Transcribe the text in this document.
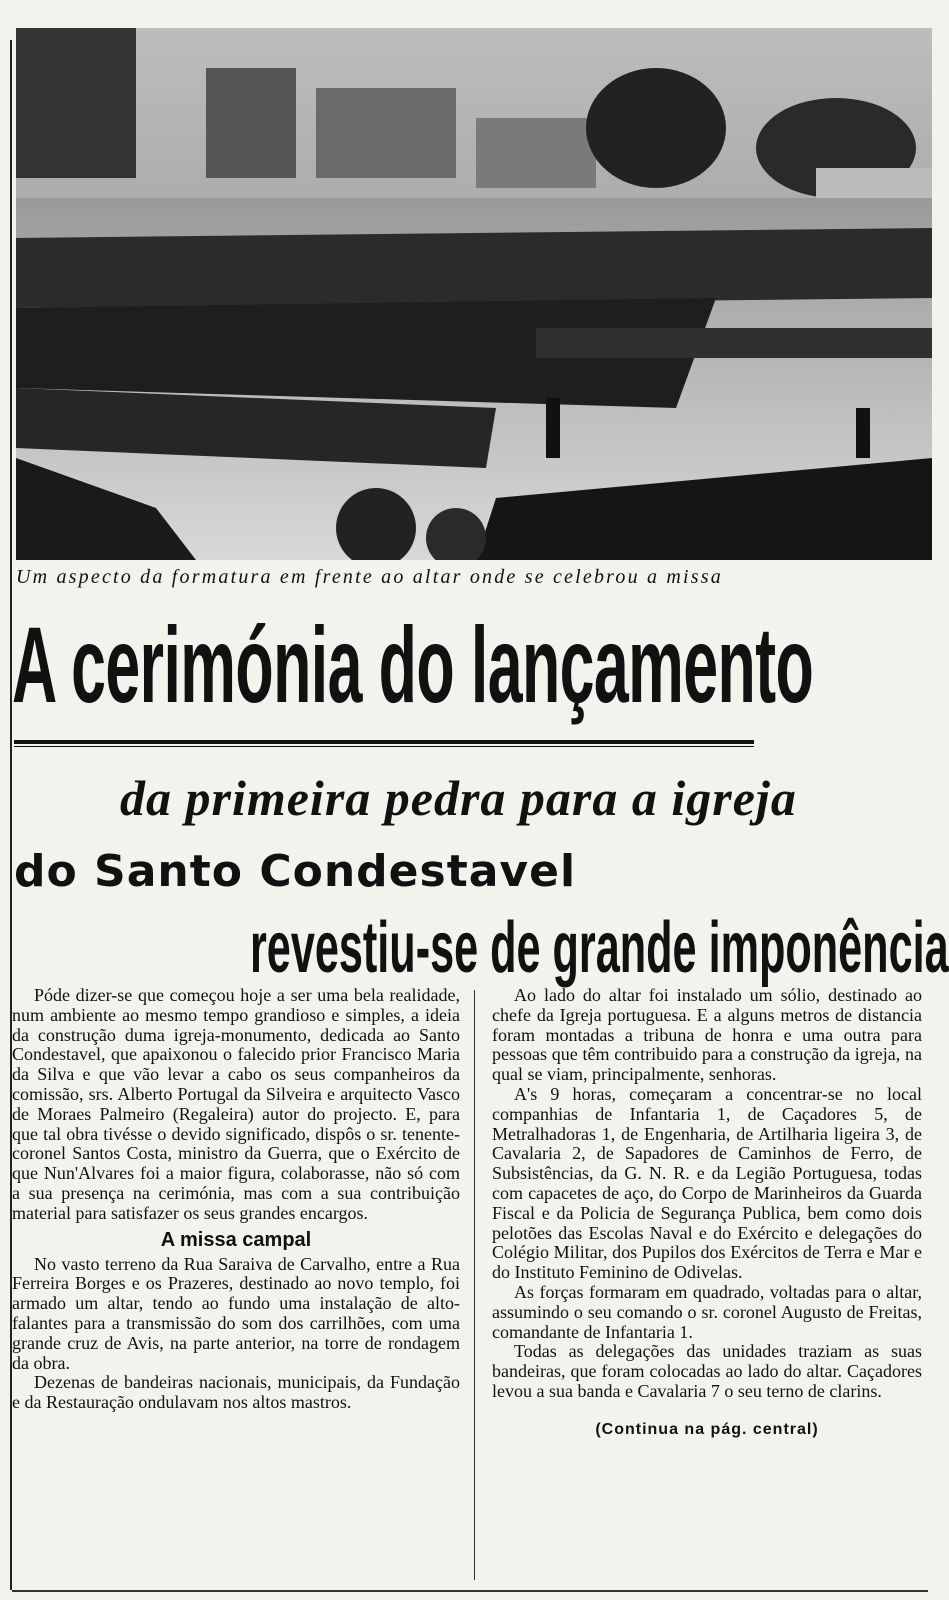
Um aspecto da formatura em frente ao altar onde se celebrou a missa
A cerimónia do lançamento
da primeira pedra para a igreja
do Santo Condestavel
revestiu-se de grande imponência

Póde dizer-se que começou hoje a ser uma bela realidade, num ambiente ao mesmo tempo grandioso e simples, a ideia da construção duma igreja-monumento, dedicada ao Santo Condestavel, que apaixonou o falecido prior Francisco Maria da Silva e que vão levar a cabo os seus companheiros da comissão, srs. Alberto Portugal da Silveira e arquitecto Vasco de Moraes Palmeiro (Regaleira) autor do projecto. E, para que tal obra tivésse o devido significado, dispôs o sr. tenente-coronel Santos Costa, ministro da Guerra, que o Exército de que Nun'Alvares foi a maior figura, colaborasse, não só com a sua presença na cerimónia, mas com a sua contribuição material para satisfazer os seus grandes encargos.

A missa campal

No vasto terreno da Rua Saraiva de Carvalho, entre a Rua Ferreira Borges e os Prazeres, destinado ao novo templo, foi armado um altar, tendo ao fundo uma instalação de alto-falantes para a transmissão do som dos carrilhões, com uma grande cruz de Avis, na parte anterior, na torre de rondagem da obra.

Dezenas de bandeiras nacionais, municipais, da Fundação e da Restauração ondulavam nos altos mastros.

Ao lado do altar foi instalado um sólio, destinado ao chefe da Igreja portuguesa. E a alguns metros de distancia foram montadas a tribuna de honra e uma outra para pessoas que têm contribuido para a construção da igreja, na qual se viam, principalmente, senhoras.

A's 9 horas, começaram a concentrar-se no local companhias de Infantaria 1, de Caçadores 5, de Metralhadoras 1, de Engenharia, de Artilharia ligeira 3, de Cavalaria 2, de Sapadores de Caminhos de Ferro, de Subsistências, da G. N. R. e da Legião Portuguesa, todas com capacetes de aço, do Corpo de Marinheiros da Guarda Fiscal e da Policia de Segurança Publica, bem como dois pelotões das Escolas Naval e do Exército e delegações do Colégio Militar, dos Pupilos dos Exércitos de Terra e Mar e do Instituto Feminino de Odivelas.

As forças formaram em quadrado, voltadas para o altar, assumindo o seu comando o sr. coronel Augusto de Freitas, comandante de Infantaria 1.

Todas as delegações das unidades traziam as suas bandeiras, que foram colocadas ao lado do altar. Caçadores levou a sua banda e Cavalaria 7 o seu terno de clarins.

(Continua na pág. central)
